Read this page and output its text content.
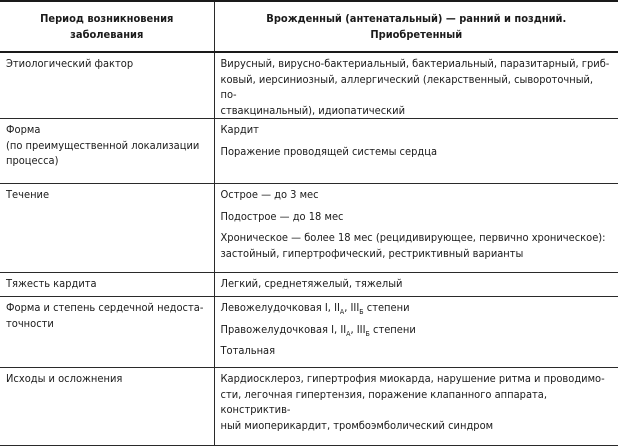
Период возникновения
заболевания	Врожденный (антенатальный) — ранний и поздний.
Приобретенный

Этиологический фактор	Вирусный, вирусно-бактериальный, бактериальный, паразитарный, гриб-
ковый, иерсиниозный, аллергический (лекарственный, сывороточный, по-
ствакцинальный), идиопатический

Форма
(по преимущественной локализации
процесса)	Кардит
Поражение проводящей системы сердца

Течение	Острое — до 3 мес
Подострое — до 18 мес
Хроническое — более 18 мес (рецидивирующее, первично хроническое):
застойный, гипертрофический, рестриктивный варианты

Тяжесть кардита	Легкий, среднетяжелый, тяжелый

Форма и степень сердечной недоста-
точности	Левожелудочковая I, $II_А$, $III_Б$ степени
Правожелудочковая I, $II_А$, $III_Б$ степени
Тотальная

Исходы и осложнения	Кардиосклероз, гипертрофия миокарда, нарушение ритма и проводимо-
сти, легочная гипертензия, поражение клапанного аппарата, констриктив-
ный миоперикардит, тромбоэмболический синдром
